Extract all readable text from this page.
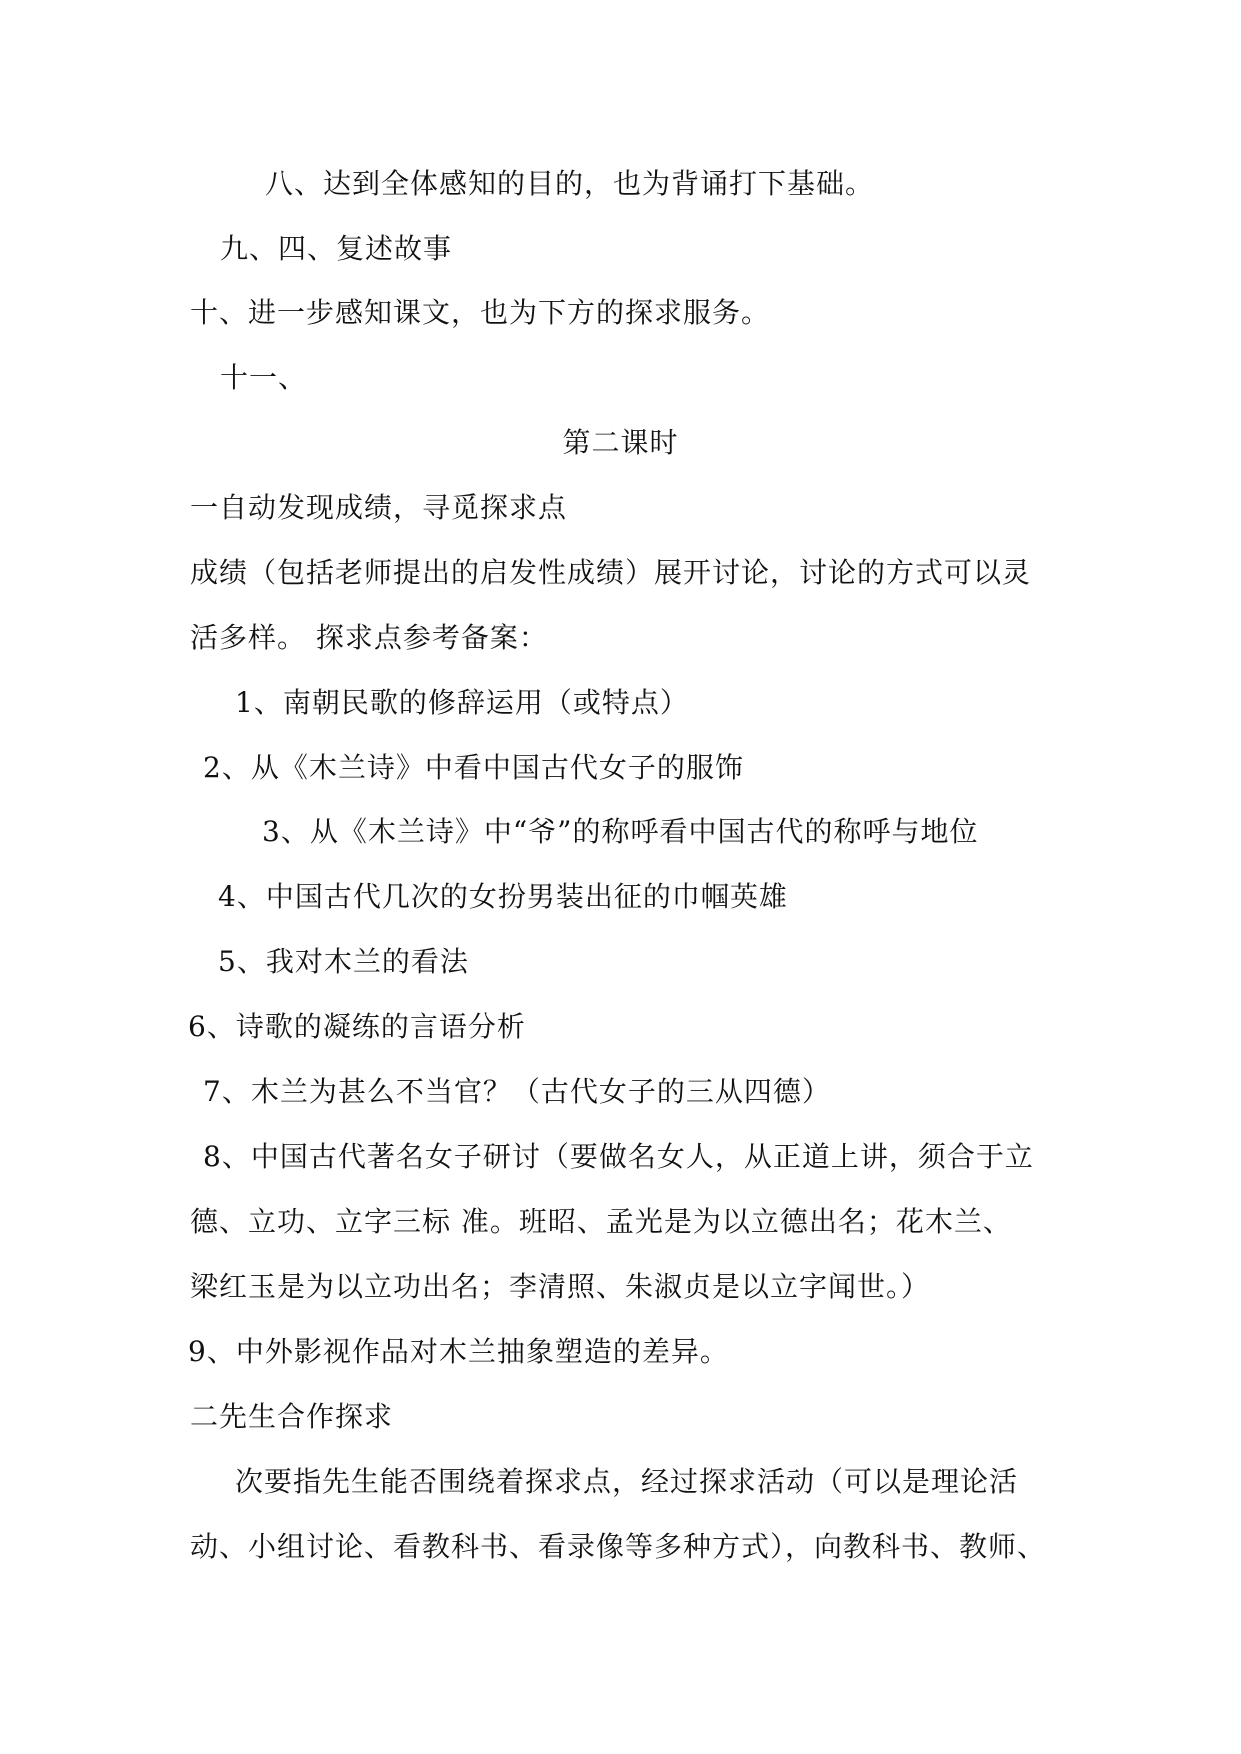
八、达到全体感知的目的，也为背诵打下基础。
九、四、复述故事
十、进一步感知课文，也为下方的探求服务。
十一、
第二课时
一自动发现成绩，寻觅探求点
成绩（包括老师提出的启发性成绩）展开讨论，讨论的方式可以灵
活多样。 探求点参考备案：
1、南朝民歌的修辞运用（或特点）
2、从《木兰诗》中看中国古代女子的服饰
3、从《木兰诗》中“爷”的称呼看中国古代的称呼与地位
4、中国古代几次的女扮男装出征的巾帼英雄
5、我对木兰的看法
6、诗歌的凝练的言语分析
7、木兰为甚么不当官？（古代女子的三从四德）
8、中国古代著名女子研讨（要做名女人，从正道上讲，须合于立
德、立功、立字三标 准。班昭、孟光是为以立德出名；花木兰、
梁红玉是为以立功出名；李清照、朱淑贞是以立字闻世。）
9、中外影视作品对木兰抽象塑造的差异。
二先生合作探求
次要指先生能否围绕着探求点，经过探求活动（可以是理论活
动、小组讨论、看教科书、看录像等多种方式），向教科书、教师、
